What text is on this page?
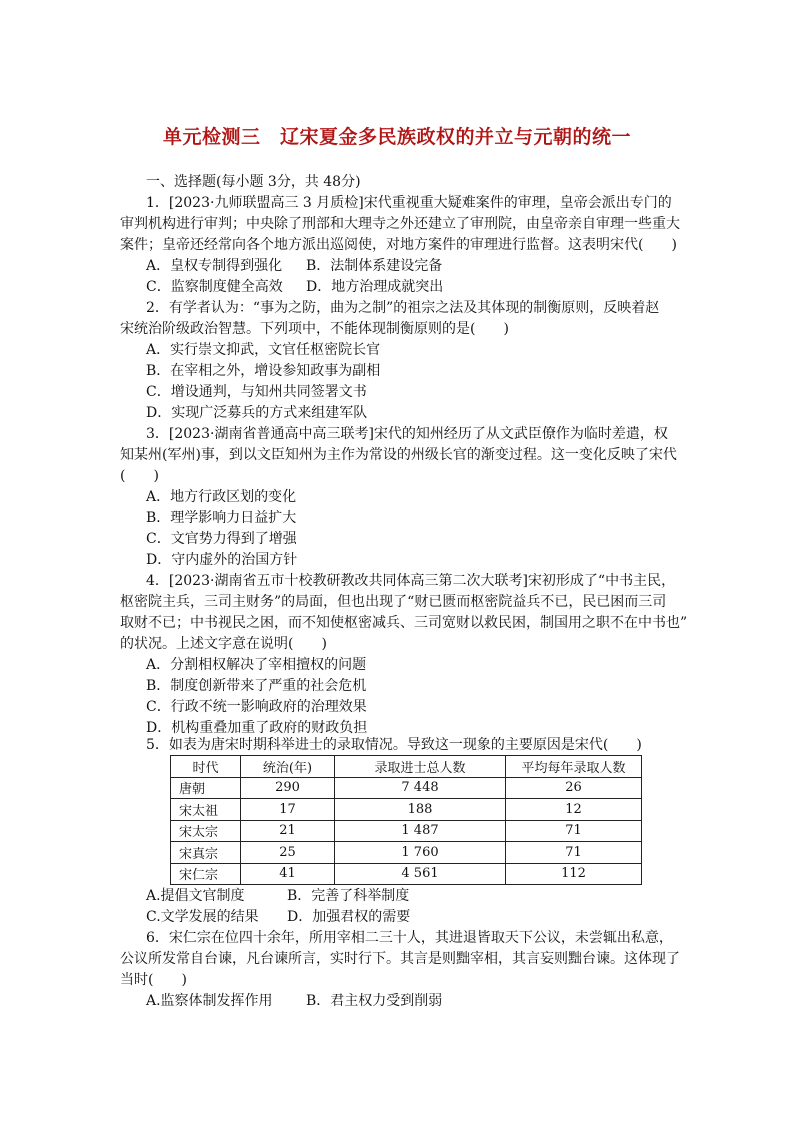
单元检测三　辽宋夏金多民族政权的并立与元朝的统一
一、选择题(每小题 3分，共 48分)
1．[2023·九师联盟高三 3 月质检]宋代重视重大疑难案件的审理，皇帝会派出专门的
审判机构进行审判；中央除了刑部和大理寺之外还建立了审刑院，由皇帝亲自审理一些重大
案件；皇帝还经常向各个地方派出巡阅使，对地方案件的审理进行监督。这表明宋代(　　)
A．皇权专制得到强化 B．法制体系建设完备
C．监察制度健全高效 D．地方治理成就突出
2．有学者认为：“事为之防，曲为之制”的祖宗之法及其体现的制衡原则，反映着赵
宋统治阶级政治智慧。下列项中，不能体现制衡原则的是(　　)
A．实行崇文抑武，文官任枢密院长官
B．在宰相之外，增设参知政事为副相
C．增设通判，与知州共同签署文书
D．实现广泛募兵的方式来组建军队
3．[2023·湖南省普通高中高三联考]宋代的知州经历了从文武臣僚作为临时差遣，权
知某州(军州)事，到以文臣知州为主作为常设的州级长官的渐变过程。这一变化反映了宋代
(　　)
A．地方行政区划的变化
B．理学影响力日益扩大
C．文官势力得到了增强
D．守内虚外的治国方针
4．[2023·湖南省五市十校教研教改共同体高三第二次大联考]宋初形成了“中书主民，
枢密院主兵，三司主财务”的局面，但也出现了“财已匮而枢密院益兵不已，民已困而三司
取财不已；中书视民之困，而不知使枢密减兵、三司宽财以救民困，制国用之职不在中书也”
的状况。上述文字意在说明(　　)
A．分割相权解决了宰相擅权的问题
B．制度创新带来了严重的社会危机
C．行政不统一影响政府的治理效果
D．机构重叠加重了政府的财政负担
5．如表为唐宋时期科举进士的录取情况。导致这一现象的主要原因是宋代(　　)
时代	统治(年)	录取进士总人数	平均每年录取人数
唐朝	290	7 448	26
宋太祖	17	188	12
宋太宗	21	1 487	71
宋真宗	25	1 760	71
宋仁宗	41	4 561	112
A.提倡文官制度	B．完善了科举制度
C.文学发展的结果 D．加强君权的需要
6．宋仁宗在位四十余年，所用宰相二三十人，其进退皆取天下公议，未尝辄出私意，
公议所发常自台谏，凡台谏所言，实时行下。其言是则黜宰相，其言妄则黜台谏。这体现了
当时(　　)
A.监察体制发挥作用 B．君主权力受到削弱
